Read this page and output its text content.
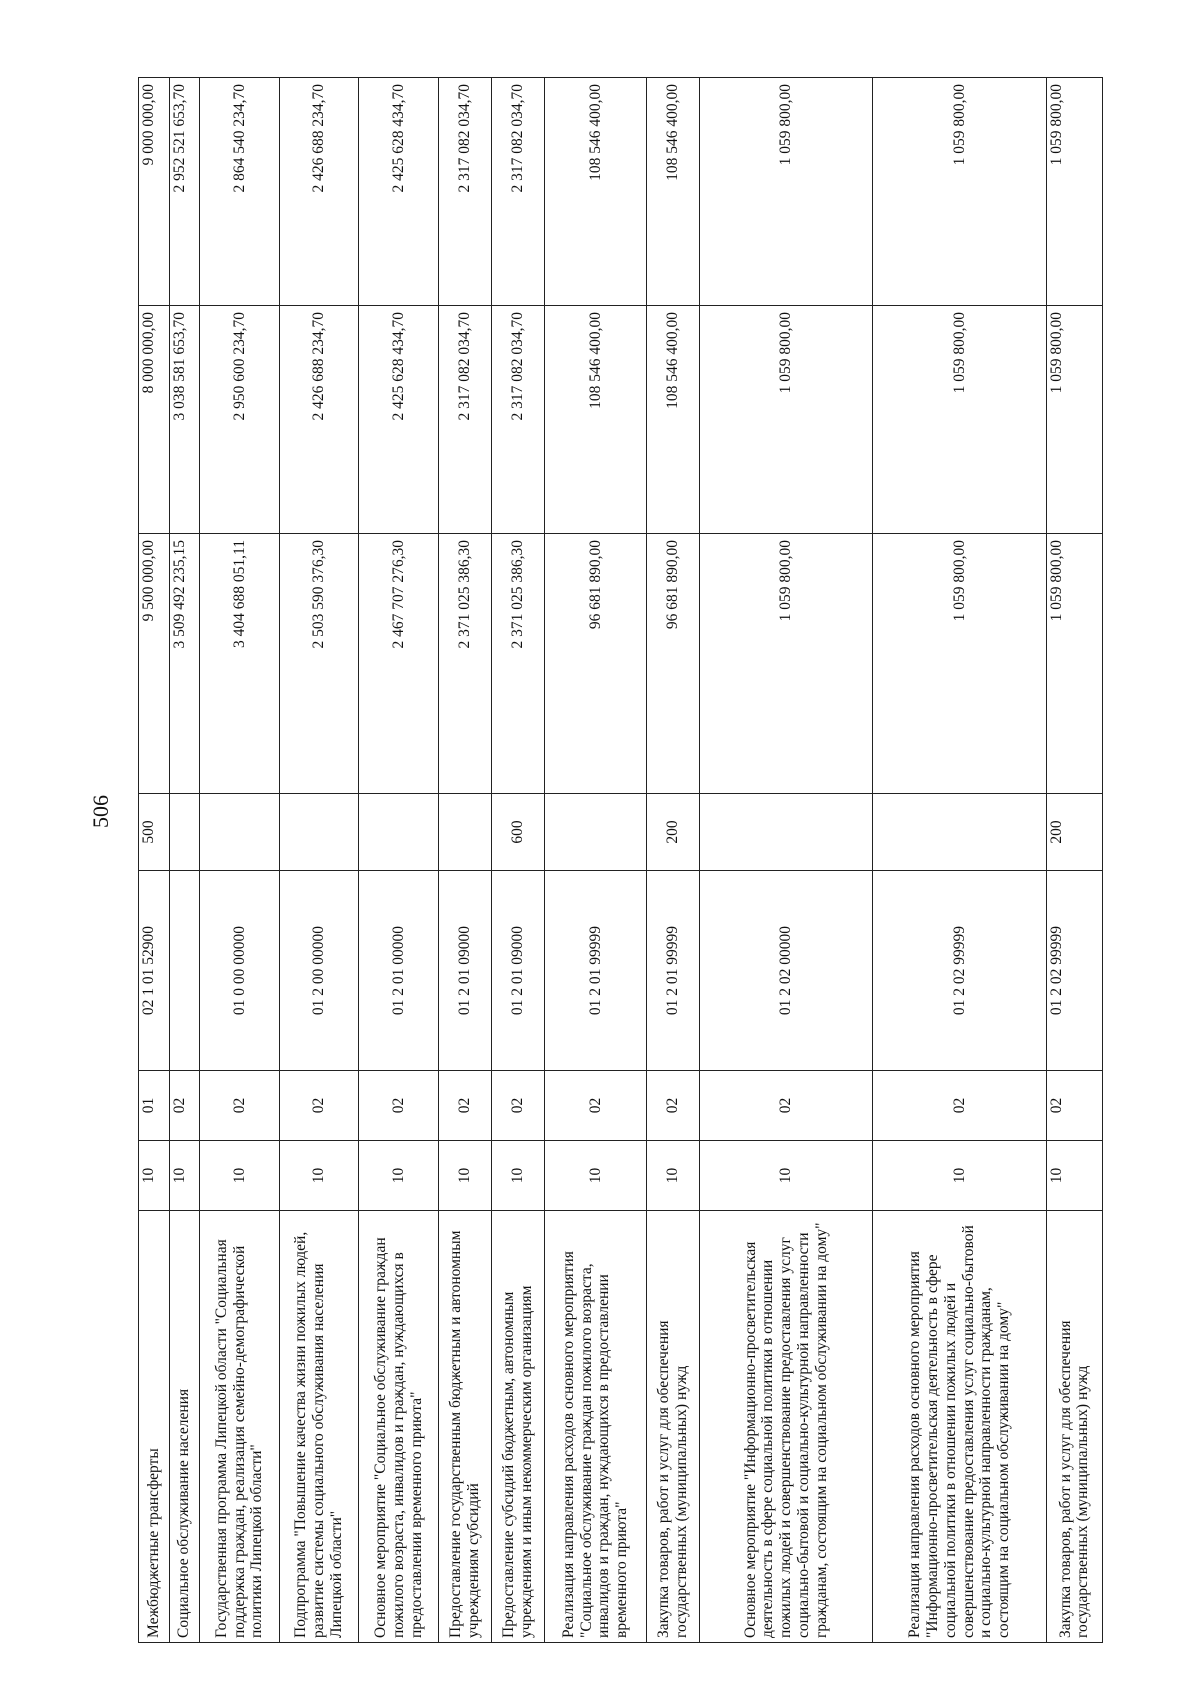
506
Межбюджетные трансферты	10	01	02 1 01 52900	500	9 500 000,00	8 000 000,00	9 000 000,00
Социальное обслуживание населения	10	02			3 509 492 235,15	3 038 581 653,70	2 952 521 653,70
Государственная программа Липецкой области "Социальная поддержка граждан, реализация семейно-демографической политики Липецкой области"	10	02	01 0 00 00000		3 404 688 051,11	2 950 600 234,70	2 864 540 234,70
Подпрограмма "Повышение качества жизни пожилых людей, развитие системы социального обслуживания населения Липецкой области"	10	02	01 2 00 00000		2 503 590 376,30	2 426 688 234,70	2 426 688 234,70
Основное мероприятие "Социальное обслуживание граждан пожилого возраста, инвалидов и граждан, нуждающихся в предоставлении временного приюта"	10	02	01 2 01 00000		2 467 707 276,30	2 425 628 434,70	2 425 628 434,70
Предоставление государственным бюджетным и автономным учреждениям субсидий	10	02	01 2 01 09000		2 371 025 386,30	2 317 082 034,70	2 317 082 034,70
Предоставление субсидий бюджетным, автономным учреждениям и иным некоммерческим организациям	10	02	01 2 01 09000	600	2 371 025 386,30	2 317 082 034,70	2 317 082 034,70
Реализация направления расходов основного мероприятия "Социальное обслуживание граждан пожилого возраста, инвалидов и граждан, нуждающихся в предоставлении временного приюта"	10	02	01 2 01 99999		96 681 890,00	108 546 400,00	108 546 400,00
Закупка товаров, работ и услуг для обеспечения государственных (муниципальных) нужд	10	02	01 2 01 99999	200	96 681 890,00	108 546 400,00	108 546 400,00
Основное мероприятие "Информационно-просветительская деятельность в сфере социальной политики в отношении пожилых людей и совершенствование предоставления услуг социально-бытовой и социально-культурной направленности гражданам, состоящим на социальном обслуживании на дому"	10	02	01 2 02 00000		1 059 800,00	1 059 800,00	1 059 800,00
Реализация направления расходов основного мероприятия "Информационно-просветительская деятельность в сфере социальной политики в отношении пожилых людей и совершенствование предоставления услуг социально-бытовой и социально-культурной направленности гражданам, состоящим на социальном обслуживании на дому"	10	02	01 2 02 99999		1 059 800,00	1 059 800,00	1 059 800,00
Закупка товаров, работ и услуг для обеспечения государственных (муниципальных) нужд	10	02	01 2 02 99999	200	1 059 800,00	1 059 800,00	1 059 800,00
